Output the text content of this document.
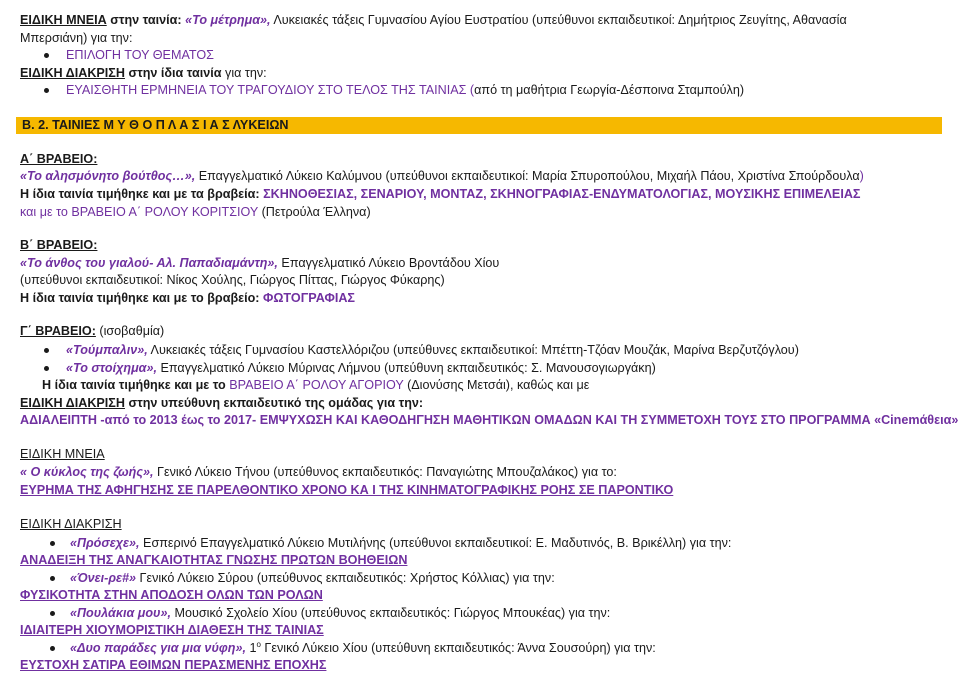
ΕΙΔΙΚΗ ΜΝΕΙΑ στην ταινία: «Το μέτρημα», Λυκειακές τάξεις Γυμνασίου Αγίου Ευστρατίου (υπεύθυνοι εκπαιδευτικοί: Δημήτριος Ζευγίτης, Αθανασία
Μπερσιάνη) για την:
ΕΠΙΛΟΓΗ ΤΟΥ ΘΕΜΑΤΟΣ
ΕΙΔΙΚΗ ΔΙΑΚΡΙΣΗ στην ίδια ταινία για την:
ΕΥΑΙΣΘΗΤΗ ΕΡΜΗΝΕΙΑ ΤΟΥ ΤΡΑΓΟΥΔΙΟΥ ΣΤΟ ΤΕΛΟΣ ΤΗΣ ΤΑΙΝΙΑΣ (από τη μαθήτρια Γεωργία-Δέσποινα Σταμπούλη)
Β. 2. ΤΑΙΝΙΕΣ Μ Υ Θ Ο Π Λ Α Σ Ι Α Σ ΛΥΚΕΙΩΝ
Α΄ ΒΡΑΒΕΙΟ:
«Το αλησμόνητο βούτθος…», Επαγγελματικό Λύκειο Καλύμνου (υπεύθυνοι εκπαιδευτικοί: Μαρία Σπυροπούλου, Μιχαήλ Πάου, Χριστίνα Σπούρδουλα)
Η ίδια ταινία τιμήθηκε και με τα βραβεία: ΣΚΗΝΟΘΕΣΙΑΣ, ΣΕΝΑΡΙΟΥ, ΜΟΝΤΑΖ, ΣΚΗΝΟΓΡΑΦΙΑΣ-ΕΝΔΥΜΑΤΟΛΟΓΙΑΣ, ΜΟΥΣΙΚΗΣ ΕΠΙΜΕΛΕΙΑΣ
και με το ΒΡΑΒΕΙΟ Α΄ ΡΟΛΟΥ ΚΟΡΙΤΣΙΟΥ (Πετρούλα Έλληνα)
Β΄ ΒΡΑΒΕΙΟ:
«Το άνθος του γιαλού- Αλ. Παπαδιαμάντη», Επαγγελματικό Λύκειο Βροντάδου Χίου
(υπεύθυνοι εκπαιδευτικοί: Νίκος Χούλης, Γιώργος Πίττας, Γιώργος Φύκαρης)
Η ίδια ταινία τιμήθηκε και με το βραβείο: ΦΩΤΟΓΡΑΦΙΑΣ
Γ΄ ΒΡΑΒΕΙΟ: (ισοβαθμία)
«Τούμπαλιν», Λυκειακές τάξεις Γυμνασίου Καστελλόριζου (υπεύθυνες εκπαιδευτικοί: Μπέττη-Τζόαν Μουζάκ, Μαρίνα Βερζυτζόγλου)
«Το στοίχημα», Επαγγελματικό Λύκειο Μύρινας Λήμνου (υπεύθυνη εκπαιδευτικός: Σ. Μανουσογιωργάκη)
Η ίδια ταινία τιμήθηκε και με το ΒΡΑΒΕΙΟ Α΄ ΡΟΛΟΥ ΑΓΟΡΙΟΥ (Διονύσης Μετσάι), καθώς και με
ΕΙΔΙΚΗ ΔΙΑΚΡΙΣΗ στην υπεύθυνη εκπαιδευτικό της ομάδας για την:
ΑΔΙΑΛΕΙΠΤΗ -από το 2013 έως το 2017- ΕΜΨΥΧΩΣΗ ΚΑΙ ΚΑΘΟΔΗΓΗΣΗ ΜΑΘΗΤΙΚΩΝ ΟΜΑΔΩΝ ΚΑΙ ΤΗ ΣΥΜΜΕΤΟΧΗ ΤΟΥΣ ΣΤΟ ΠΡΟΓΡΑΜΜΑ «Cinemάθεια»
ΕΙΔΙΚΗ ΜΝΕΙΑ
« Ο κύκλος της ζωής», Γενικό Λύκειο Τήνου (υπεύθυνος εκπαιδευτικός: Παναγιώτης Μπουζαλάκος) για το:
ΕΥΡΗΜΑ ΤΗΣ ΑΦΗΓΗΣΗΣ ΣΕ ΠΑΡΕΛΘΟΝΤΙΚΟ ΧΡΟΝΟ ΚΑ Ι ΤΗΣ ΚΙΝΗΜΑΤΟΓΡΑΦΙΚΗΣ ΡΟΗΣ ΣΕ ΠΑΡΟΝΤΙΚΟ
ΕΙΔΙΚΗ ΔΙΑΚΡΙΣΗ
«Πρόσεχε», Εσπερινό Επαγγελματικό Λύκειο Μυτιλήνης (υπεύθυνοι εκπαιδευτικοί: Ε. Μαδυτινός, Β. Βρικέλλη) για την:
ΑΝΑΔΕΙΞΗ ΤΗΣ ΑΝΑΓΚΑΙΟΤΗΤΑΣ ΓΝΩΣΗΣ ΠΡΩΤΩΝ ΒΟΗΘΕΙΩΝ
«Όνει-ρε#» Γενικό Λύκειο Σύρου (υπεύθυνος εκπαιδευτικός: Χρήστος Κόλλιας) για την:
ΦΥΣΙΚΟΤΗΤΑ ΣΤΗΝ ΑΠΟΔΟΣΗ ΟΛΩΝ ΤΩΝ ΡΟΛΩΝ
«Πουλάκια μου», Μουσικό Σχολείο Χίου (υπεύθυνος εκπαιδευτικός: Γιώργος Μπουκέας) για την:
ΙΔΙΑΙΤΕΡΗ ΧΙΟΥΜΟΡΙΣΤΙΚΗ ΔΙΑΘΕΣΗ ΤΗΣ ΤΑΙΝΙΑΣ
«Δυο παράδες για μια νύφη», $1^o$ Γενικό Λύκειο Χίου (υπεύθυνη εκπαιδευτικός: Άννα Σουσούρη) για την:
ΕΥΣΤΟΧΗ ΣΑΤΙΡΑ ΕΘΙΜΩΝ ΠΕΡΑΣΜΕΝΗΣ ΕΠΟΧΗΣ
